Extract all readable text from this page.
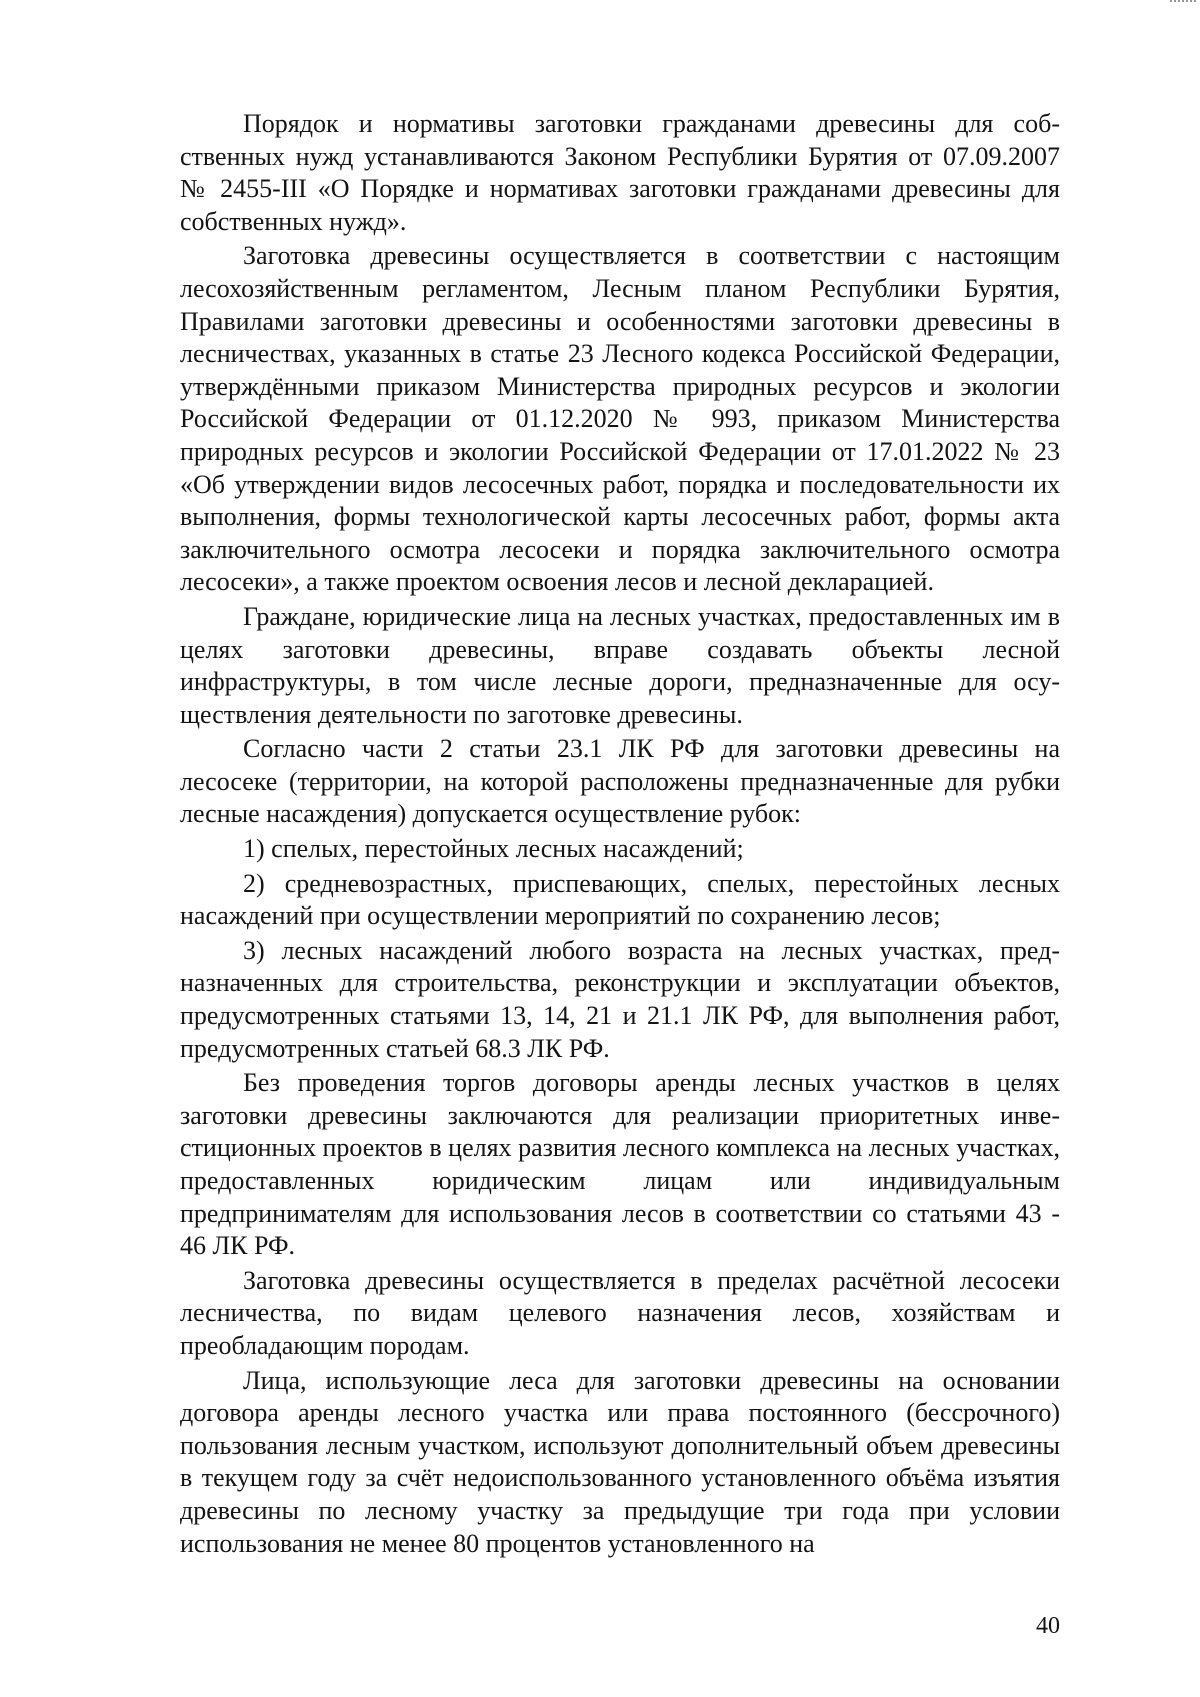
Порядок и нормативы заготовки гражданами древесины для собственных нужд устанавливаются Законом Республики Бурятия от 07.09.2007 № 2455-III «О Порядке и нормативах заготовки гражданами древесины для собственных нужд».

Заготовка древесины осуществляется в соответствии с настоящим лесохозяйственным регламентом, Лесным планом Республики Бурятия, Правилами заготовки древесины и особенностями заготовки древесины в лесничествах, указанных в статье 23 Лесного кодекса Российской Федерации, утверждёнными приказом Министерства природных ресурсов и экологии Российской Федерации от 01.12.2020 № 993, приказом Министерства природных ресурсов и экологии Российской Федерации от 17.01.2022 № 23 «Об утверждении видов лесосечных работ, порядка и последовательности их выполнения, формы технологической карты лесосечных работ, формы акта заключительного осмотра лесосеки и порядка заключительного осмотра лесосеки», а также проектом освоения лесов и лесной декларацией.

Граждане, юридические лица на лесных участках, предоставленных им в целях заготовки древесины, вправе создавать объекты лесной инфраструктуры, в том числе лесные дороги, предназначенные для осуществления деятельности по заготовке древесины.

Согласно части 2 статьи 23.1 ЛК РФ для заготовки древесины на лесосеке (территории, на которой расположены предназначенные для рубки лесные насаждения) допускается осуществление рубок:

1) спелых, перестойных лесных насаждений;

2) средневозрастных, приспевающих, спелых, перестойных лесных насаждений при осуществлении мероприятий по сохранению лесов;

3) лесных насаждений любого возраста на лесных участках, предназначенных для строительства, реконструкции и эксплуатации объектов, предусмотренных статьями 13, 14, 21 и 21.1 ЛК РФ, для выполнения работ, предусмотренных статьей 68.3 ЛК РФ.

Без проведения торгов договоры аренды лесных участков в целях заготовки древесины заключаются для реализации приоритетных инвестиционных проектов в целях развития лесного комплекса на лесных участках, предоставленных юридическим лицам или индивидуальным предпринимателям для использования лесов в соответствии со статьями 43 - 46 ЛК РФ.

Заготовка древесины осуществляется в пределах расчётной лесосеки лесничества, по видам целевого назначения лесов, хозяйствам и преобладающим породам.

Лица, использующие леса для заготовки древесины на основании договора аренды лесного участка или права постоянного (бессрочного) пользования лесным участком, используют дополнительный объем древесины в текущем году за счёт недоиспользованного установленного объёма изъятия древесины по лесному участку за предыдущие три года при условии использования не менее 80 процентов установленного на

40
